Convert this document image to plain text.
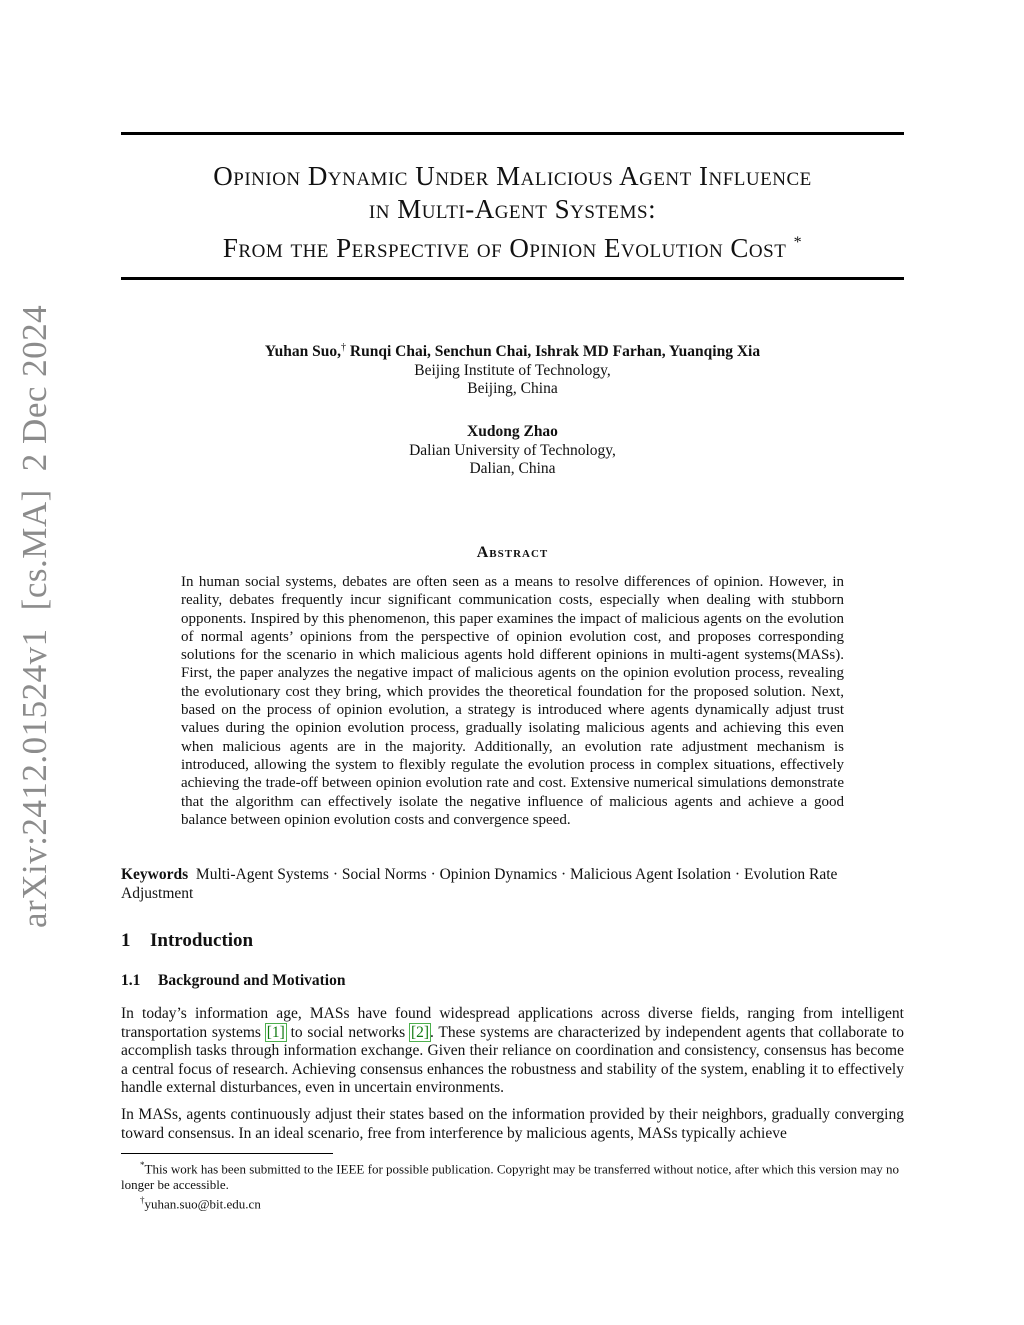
arXiv:2412.01524v1[cs.MA]2 Dec 2024
Opinion Dynamic Under Malicious Agent Influence
in Multi-Agent Systems:
From the Perspective of Opinion Evolution Cost *
Yuhan Suo,† Runqi Chai, Senchun Chai, Ishrak MD Farhan, Yuanqing Xia
Beijing Institute of Technology,
Beijing, China
Xudong Zhao
Dalian University of Technology,
Dalian, China
Abstract

In human social systems, debates are often seen as a means to resolve differences of opinion. However, in reality, debates frequently incur significant communication costs, especially when dealing with stubborn opponents. Inspired by this phenomenon, this paper examines the impact of malicious agents on the evolution of normal agents’ opinions from the perspective of opinion evolution cost, and proposes corresponding solutions for the scenario in which malicious agents hold different opinions in multi-agent systems(MASs). First, the paper analyzes the negative impact of malicious agents on the opinion evolution process, revealing the evolutionary cost they bring, which provides the theoretical foundation for the proposed solution. Next, based on the process of opinion evolution, a strategy is introduced where agents dynamically adjust trust values during the opinion evolution process, gradually isolating malicious agents and achieving this even when malicious agents are in the majority. Additionally, an evolution rate adjustment mechanism is introduced, allowing the system to flexibly regulate the evolution process in complex situations, effectively achieving the trade-off between opinion evolution rate and cost. Extensive numerical simulations demonstrate that the algorithm can effectively isolate the negative influence of malicious agents and achieve a good balance between opinion evolution costs and convergence speed.

Keywords Multi-Agent Systems · Social Norms · Opinion Dynamics · Malicious Agent Isolation · Evolution Rate Adjustment

1 Introduction
1.1 Background and Motivation

In today’s information age, MASs have found widespread applications across diverse fields, ranging from intelligent transportation systems [1] to social networks [2]. These systems are characterized by independent agents that collaborate to accomplish tasks through information exchange. Given their reliance on coordination and consistency, consensus has become a central focus of research. Achieving consensus enhances the robustness and stability of the system, enabling it to effectively handle external disturbances, even in uncertain environments.

In MASs, agents continuously adjust their states based on the information provided by their neighbors, gradually converging toward consensus. In an ideal scenario, free from interference by malicious agents, MASs typically achieve

*This work has been submitted to the IEEE for possible publication. Copyright may be transferred without notice, after which this version may no longer be accessible.

†yuhan.suo@bit.edu.cn
